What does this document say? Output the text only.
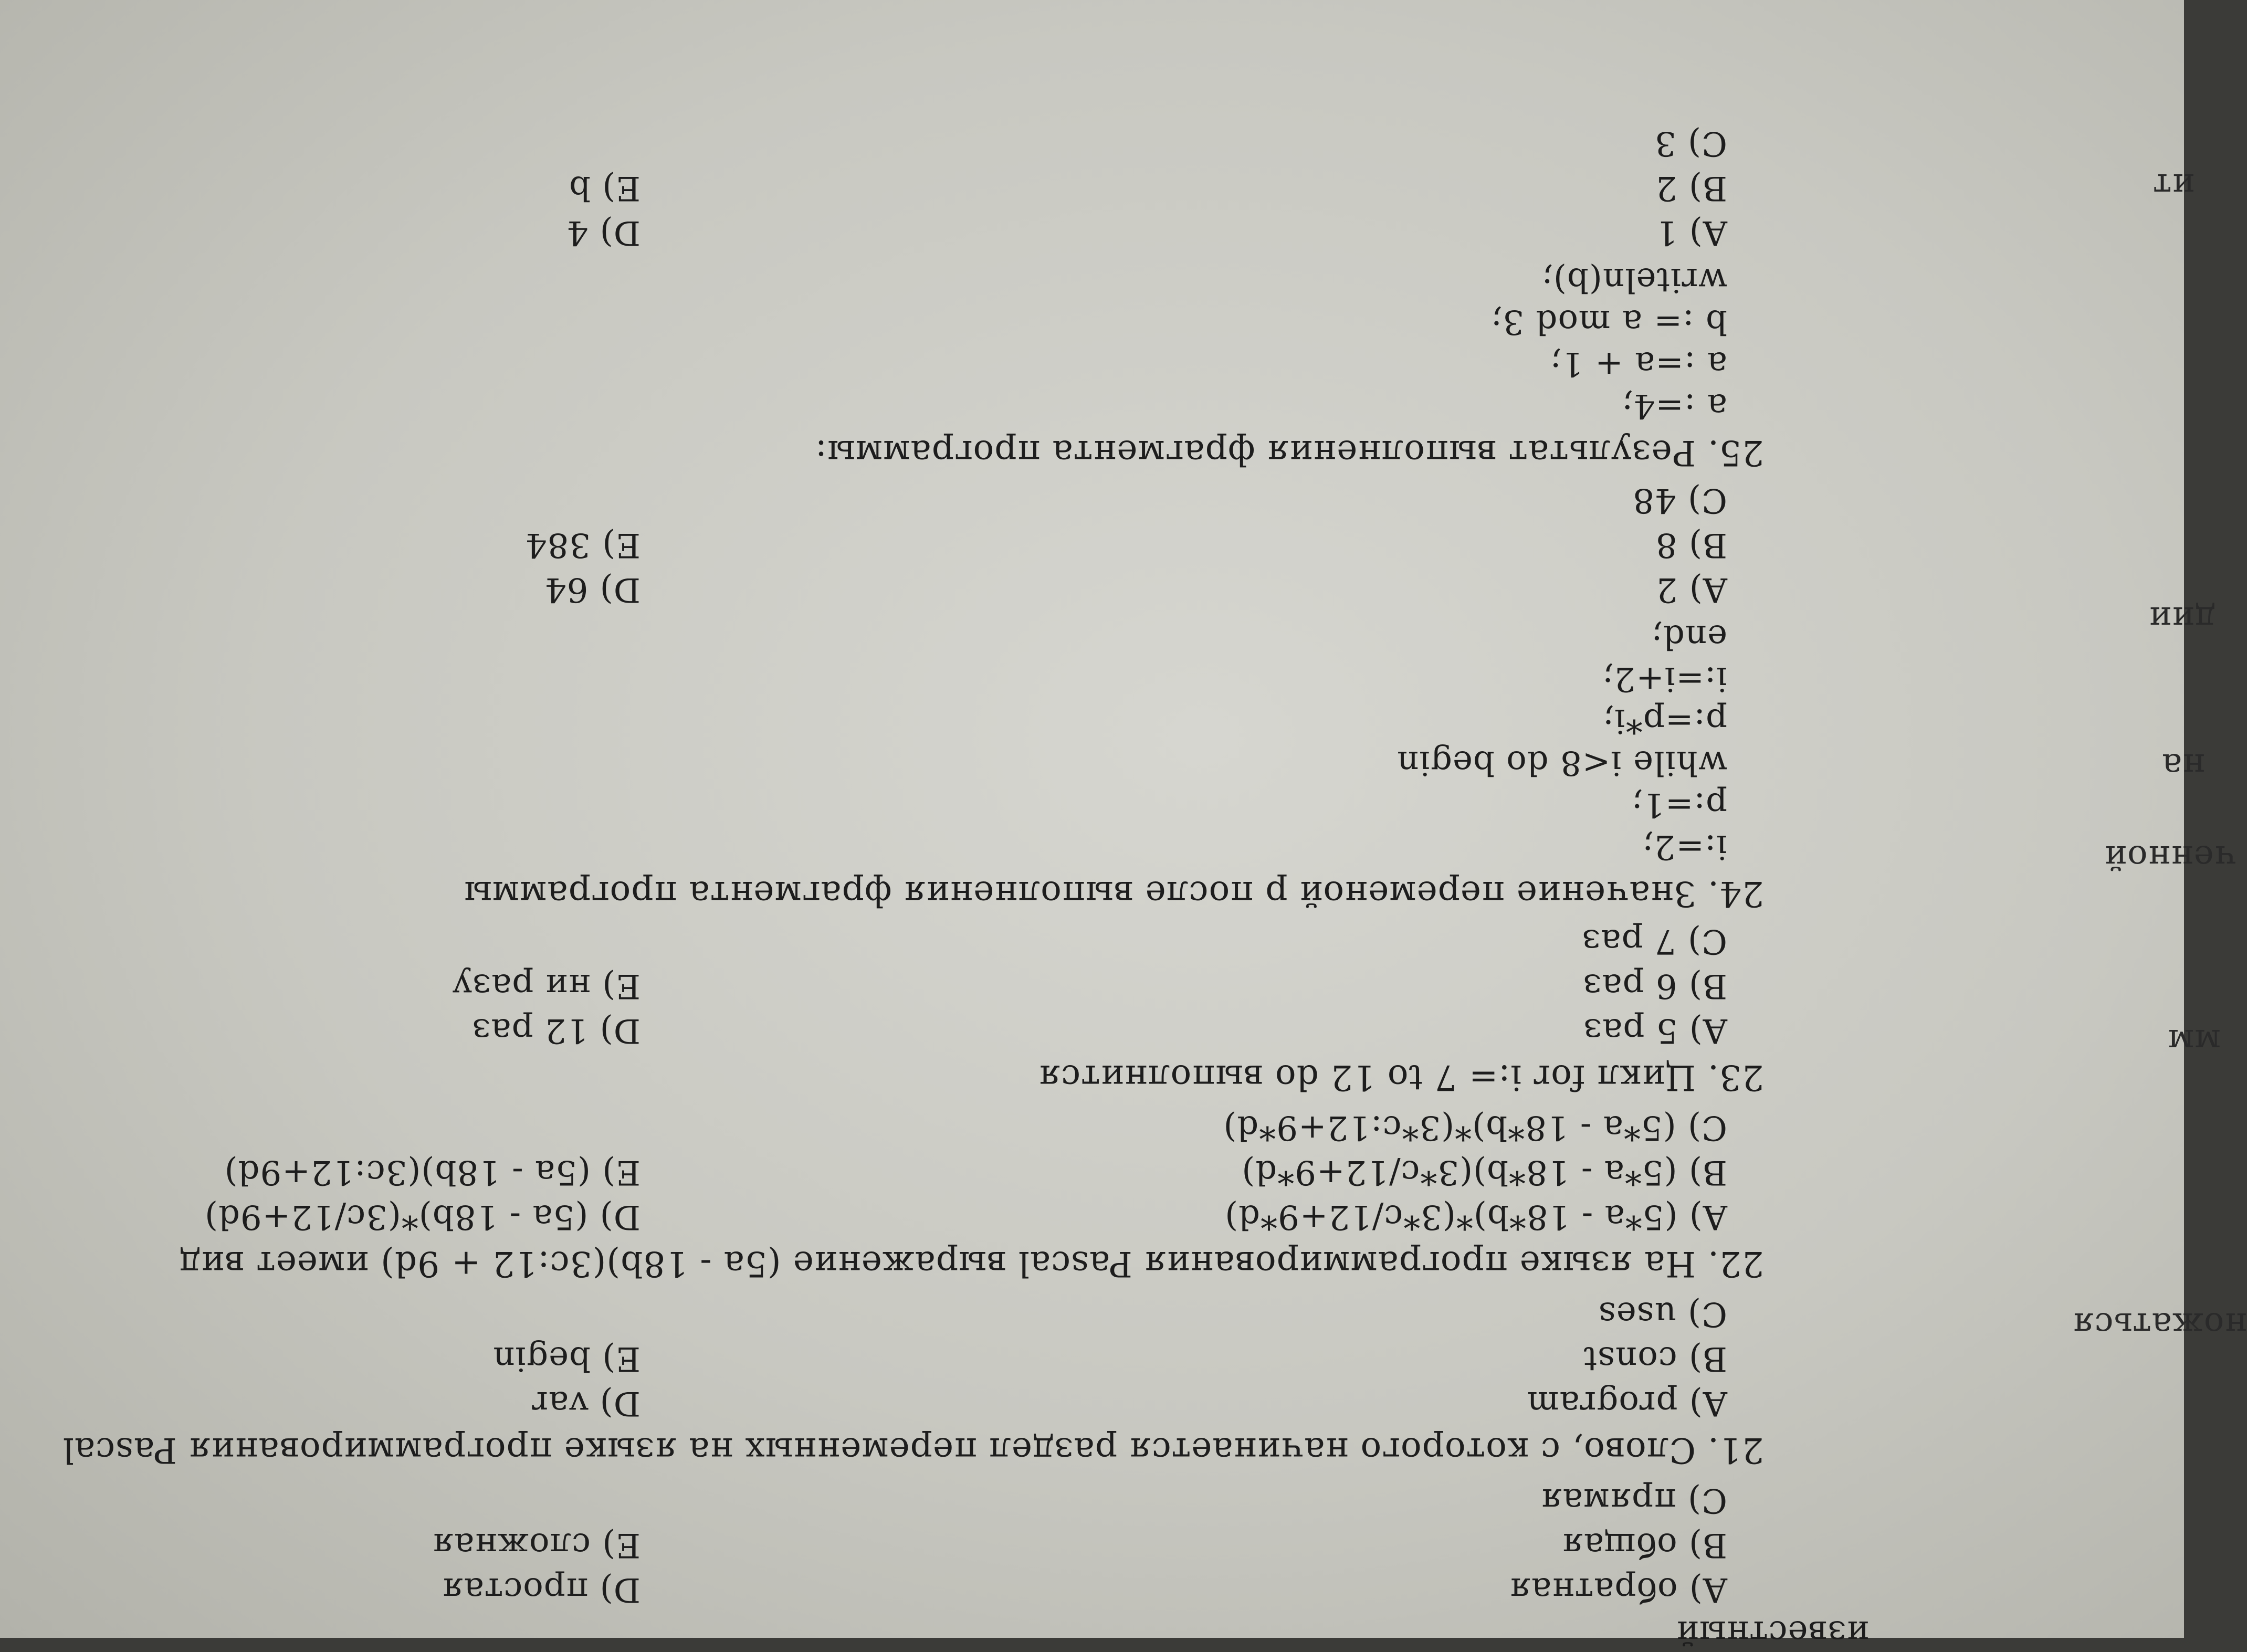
известный
A) обратная
B) общая
C) прямая
D) простая
E) сложная
21. Слово, с которого начинается раздел переменных на языке программирования Pascal
A) program
B) const
C) uses
D) var
E) begin
22. На языке программирования Pascal выражение (5a - 18b)(3c:12 + 9d) имеет вид
A) (5*a - 18*b)*(3*c/12+9*d)
B) (5*a - 18*b)(3*c/12+9*d)
C) (5*a - 18*b)*(3*c:12+9*d)
D) (5a - 18b)*(3c/12+9d)
E) (5a - 18b)(3c:12+9d)
23. Цикл for i:= 7 to 12 do выполнится
A) 5 раз
B) 6 раз
C) 7 раз
D) 12 раз
E) ни разу
24. Значение переменой р после выполнения фрагмента программы
i:=2;
p:=1;
while i<8 do begin
p:=p*i;
i:=i+2;
end;
A) 2
B) 8
C) 48
D) 64
E) 384
25. Результат выполнения фрагмента программы:
a :=4;
a :=a + 1;
b := a mod 3;
writeln(b);
A) 1
B) 2
C) 3
D) 4
E) b
ножаться
мм
ченной
на
дии
ит
